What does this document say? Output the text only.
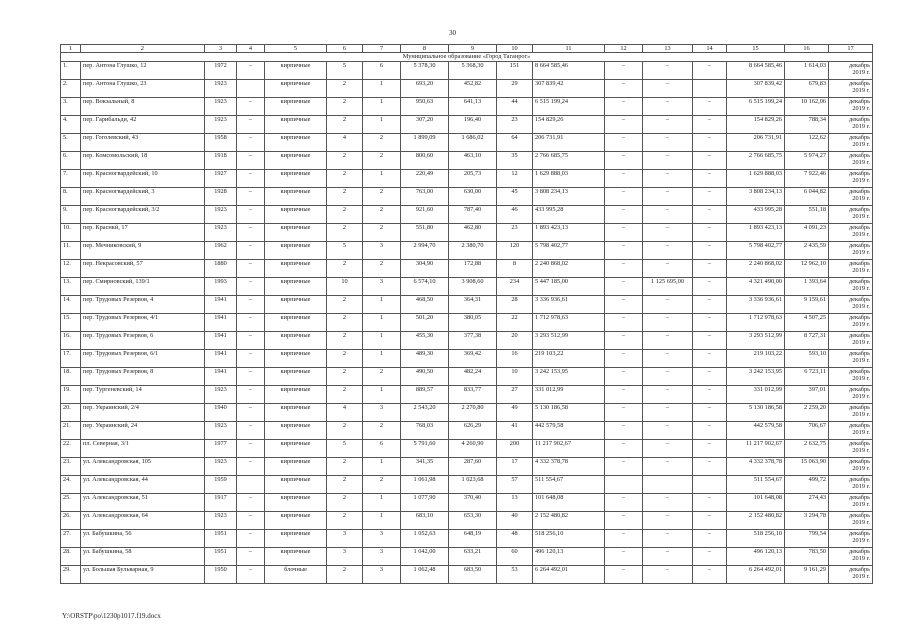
30
1	2	3	4	5	6	7	8	9	10	11	12	13	14	15	16	17
Муниципальное образование «Город Таганрог»																
1.	пер. Антона Глушко, 12	1972	–	кирпичные	5	6	5 378,30	5 368,30	151	8 664 585,46	–	–	–	8 664 585,46	1 614,03	декабрь
2019 г.
2.	пер. Антона Глушко, 23	1923		кирпичные	2	1	693,20	452,82	29	307 839,42	–	–		307 839,42	679,83	декабрь
2019 г.
3.	пер. Вокзальный, 8	1923	–	кирпичные	2	1	950,63	641,13	44	6 515 199,24	–	–	–	6 515 199,24	10 162,06	декабрь
2019 г.
4.	пер. Гарибальди, 42	1923	–	кирпичные	2	1	307,20	196,40	23	154 829,26	–	–	–	154 829,26	788,34	декабрь
2019 г.
5.	пер. Гоголевский, 43	1958	–	кирпичные	4	2	1 899,09	1 686,02	64	206 731,91	–	–	–	206 731,91	122,62	декабрь
2019 г.
6.	пер. Комсомольский, 18	1918	–	кирпичные	2	2	800,60	463,10	35	2 766 685,75	–	–	–	2 766 685,75	5 974,27	декабрь
2019 г.
7.	пер. Красногвардейский, 10	1927	–	кирпичные	2	1	220,49	205,73	12	1 629 888,03	–	–	–	1 629 888,03	7 922,46	декабрь
2019 г.
8.	пер. Красногвардейский, 3	1928	–	кирпичные	2	2	763,00	630,00	45	3 808 234,13	–	–	–	3 808 234,13	6 044,82	декабрь
2019 г.
9.	пер. Красногвардейский, 3/2	1923	–	кирпичные	2	2	921,60	787,40	46	433 995,28	–	–	–	433 995,28	551,18	декабрь
2019 г.
10.	пер. Краснкй, 17	1923	–	кирпичные	2	2	551,80	462,80	23	1 893 423,13	–	–	–	1 893 423,13	4 091,23	декабрь
2019 г.
11.	пер. Мечниковский, 9	1962	–	кирпичные	5	3	2 994,70	2 380,70	120	5 798 402,77	–	–	–	5 798 402,77	2 435,59	декабрь
2019 г.
12.	пер. Некрасовский, 57	1880	–	кирпичные	2	2	304,90	172,88	8	2 240 868,02	–	–	–	2 240 868,02	12 962,10	декабрь
2019 г.
13.	пер. Смирновский, 139/1	1993	–	кирпичные	10	3	6 574,10	3 908,60	234	5 447 185,00	–	1 125 695,00	–	4 321 490,00	1 393,64	декабрь
2019 г.
14.	пер. Трудовых Резервов, 4	1941	–	кирпичные	2	1	468,50	364,31	28	3 336 936,61	–	–	–	3 336 936,61	9 159,61	декабрь
2019 г.
15.	пер. Трудовых Резервов, 4/1	1941	–	кирпичные	2	1	501,20	380,05	22	1 712 978,63	–	–	–	1 712 978,63	4 507,25	декабрь
2019 г.
16.	пер. Трудовых Резервов, 6	1941	–	кирпичные	2	1	455,30	377,38	20	3 293 512,99	–	–	–	3 293 512,99	8 727,31	декабрь
2019 г.
17.	пер. Трудовых Резервов, 6/1	1941	–	кирпичные	2	1	489,30	369,42	16	219 103,22	–	–	–	219 103,22	593,10	декабрь
2019 г.
18.	пер. Трудовых Резервов, 8	1941	–	кирпичные	2	2	490,50	482,24	10	3 242 153,95	–	–	–	3 242 153,95	6 723,11	декабрь
2019 г.
19.	пер. Тургеневский, 14	1923	–	кирпичные	2	1	889,57	833,77	27	331 012,99	–	–	–	331 012,99	397,01	декабрь
2019 г.
20.	пер. Украинский, 2/4	1940	–	кирпичные	4	3	2 543,20	2 270,80	49	5 130 186,58	–	–	–	5 130 186,58	2 259,20	декабрь
2019 г.
21.	пер. Украинский, 24	1923	–	кирпичные	2	2	768,03	626,29	41	442 579,58	–	–	–	442 579,58	706,67	декабрь
2019 г.
22.	пл. Северная, 3/1	1977	–	кирпичные	5	6	5 791,60	4 260,90	200	11 217 902,67	–	–	–	11 217 902,67	2 632,75	декабрь
2019 г.
23.	ул. Александровская, 105	1923	–	кирпичные	2	1	341,35	287,60	17	4 332 378,78	–	–	–	4 332 378,78	15 063,90	декабрь
2019 г.
24.	ул. Александровская, 44	1959		кирпичные	2	2	1 061,98	1 023,68	57	511 554,67				511 554,67	499,72	декабрь
2019 г.
25.	ул. Александровская, 51	1917	–	кирпичные	2	1	1 077,90	370,40	13	101 648,08	–	–	–	101 648,08	274,43	декабрь
2019 г.
26.	ул. Александровская, 64	1923	–	кирпичные	2	1	683,10	653,30	40	2 152 480,82	–	–	–	2 152 480,82	3 294,78	декабрь
2019 г.
27.	ул. Бабушкина, 56	1951	–	кирпичные	3	3	1 052,63	648,19	48	518 256,10	–	–	–	518 256,10	799,54	декабрь
2019 г.
28.	ул. Бабушкина, 58	1951	–	кирпичные	3	3	1 042,00	633,21	60	496 120,13	–	–	–	496 120,13	783,50	декабрь
2019 г.
29.	ул. Большая Бульварная, 9	1950	–	блочные	2	3	1 062,48	683,50	53	6 264 492,01	–	–	–	6 264 492,01	9 161,29	декабрь
2019 г.
Y:\ORSTP\ро\1230р1017.f19.docx
